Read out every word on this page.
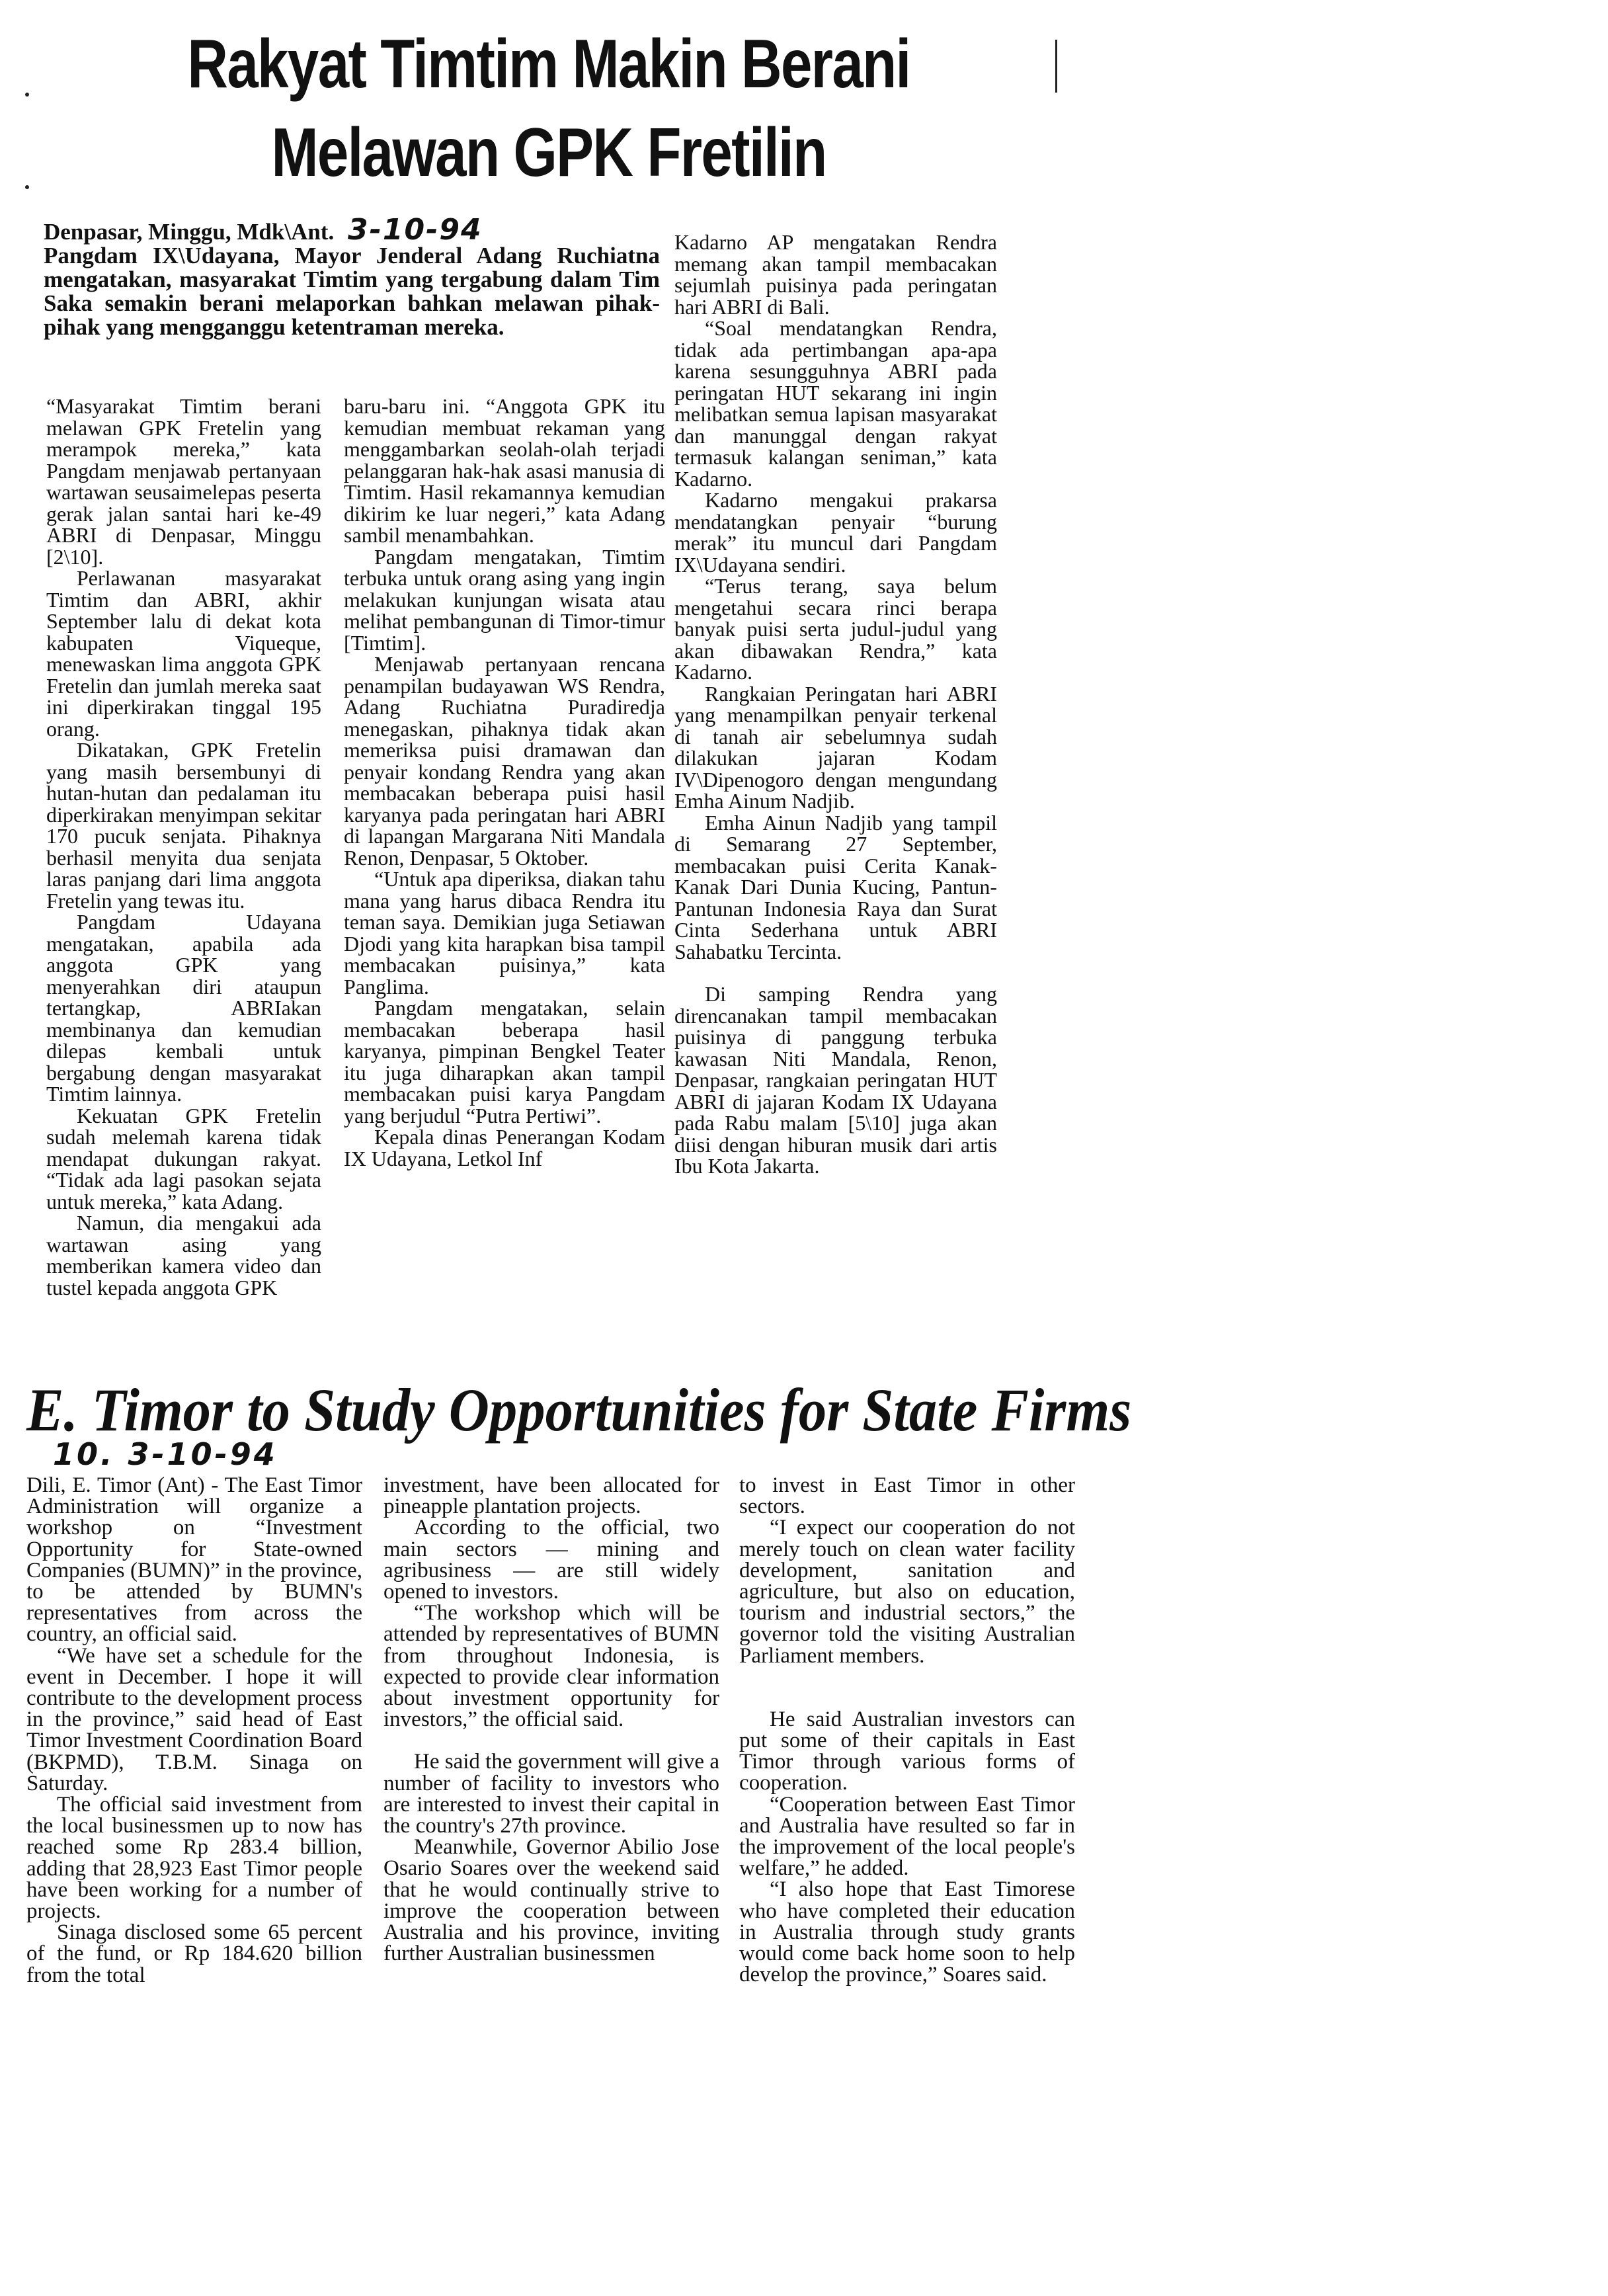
Rakyat Timtim Makin Berani
Melawan GPK Fretilin
Denpasar, Minggu, Mdk\Ant. 3-10-94
Pangdam IX\Udayana, Mayor Jenderal Adang Ruchiatna mengatakan, masyarakat Timtim yang tergabung dalam Tim Saka semakin berani melaporkan bahkan melawan pihak-pihak yang mengganggu ketentraman mereka.

“Masyarakat Timtim berani melawan GPK Fretelin yang merampok mereka,” kata Pangdam menjawab pertanyaan wartawan seusaimelepas peserta gerak jalan santai hari ke-49 ABRI di Denpasar, Minggu [2\10].

Perlawanan masyarakat Timtim dan ABRI, akhir September lalu di dekat kota kabupaten Viqueque, menewaskan lima anggota GPK Fretelin dan jumlah mereka saat ini diperkirakan tinggal 195 orang.

Dikatakan, GPK Fretelin yang masih bersembunyi di hutan-hutan dan pedalaman itu diperkirakan menyimpan sekitar 170 pucuk senjata. Pihaknya berhasil menyita dua senjata laras panjang dari lima anggota Fretelin yang tewas itu.

Pangdam Udayana mengatakan, apabila ada anggota GPK yang menyerahkan diri ataupun tertangkap, ABRIakan membinanya dan kemudian dilepas kembali untuk bergabung dengan masyarakat Timtim lainnya.

Kekuatan GPK Fretelin sudah melemah karena tidak mendapat dukungan rakyat. “Tidak ada lagi pasokan sejata untuk mereka,” kata Adang.

Namun, dia mengakui ada wartawan asing yang memberikan kamera video dan tustel kepada anggota GPK

baru-baru ini. “Anggota GPK itu kemudian membuat rekaman yang menggambarkan seolah-olah terjadi pelanggaran hak-hak asasi manusia di Timtim. Hasil rekamannya kemudian dikirim ke luar negeri,” kata Adang sambil menambahkan.

Pangdam mengatakan, Timtim terbuka untuk orang asing yang ingin melakukan kunjungan wisata atau melihat pembangunan di Timor-timur [Timtim].

Menjawab pertanyaan rencana penampilan budayawan WS Rendra, Adang Ruchiatna Puradiredja menegaskan, pihaknya tidak akan memeriksa puisi dramawan dan penyair kondang Rendra yang akan membacakan beberapa puisi hasil karyanya pada peringatan hari ABRI di lapangan Margarana Niti Mandala Renon, Denpasar, 5 Oktober.

“Untuk apa diperiksa, diakan tahu mana yang harus dibaca Rendra itu teman saya. Demikian juga Setiawan Djodi yang kita harapkan bisa tampil membacakan puisinya,” kata Panglima.

Pangdam mengatakan, selain membacakan beberapa hasil karyanya, pimpinan Bengkel Teater itu juga diharapkan akan tampil membacakan puisi karya Pangdam yang berjudul “Putra Pertiwi”.

Kepala dinas Penerangan Kodam IX Udayana, Letkol Inf

Kadarno AP mengatakan Rendra memang akan tampil membacakan sejumlah puisinya pada peringatan hari ABRI di Bali.

“Soal mendatangkan Rendra, tidak ada pertimbangan apa-apa karena sesungguhnya ABRI pada peringatan HUT sekarang ini ingin melibatkan semua lapisan masyarakat dan manunggal dengan rakyat termasuk kalangan seniman,” kata Kadarno.

Kadarno mengakui prakarsa mendatangkan penyair “burung merak” itu muncul dari Pangdam IX\Udayana sendiri.

“Terus terang, saya belum mengetahui secara rinci berapa banyak puisi serta judul-judul yang akan dibawakan Rendra,” kata Kadarno.

Rangkaian Peringatan hari ABRI yang menampilkan penyair terkenal di tanah air sebelumnya sudah dilakukan jajaran Kodam IV\Dipenogoro dengan mengundang Emha Ainum Nadjib.

Emha Ainun Nadjib yang tampil di Semarang 27 September, membacakan puisi Cerita Kanak-Kanak Dari Dunia Kucing, Pantun-Pantunan Indonesia Raya dan Surat Cinta Sederhana untuk ABRI Sahabatku Tercinta.

Di samping Rendra yang direncanakan tampil membacakan puisinya di panggung terbuka kawasan Niti Mandala, Renon, Denpasar, rangkaian peringatan HUT ABRI di jajaran Kodam IX Udayana pada Rabu malam [5\10] juga akan diisi dengan hiburan musik dari artis Ibu Kota Jakarta.

E. Timor to Study Opportunities for State Firms
10. 3-10-94

Dili, E. Timor (Ant) - The East Timor Administration will organize a workshop on “Investment Opportunity for State-owned Companies (BUMN)” in the province, to be attended by BUMN's representatives from across the country, an official said.

“We have set a schedule for the event in December. I hope it will contribute to the development process in the province,” said head of East Timor Investment Coordination Board (BKPMD), T.B.M. Sinaga on Saturday.

The official said investment from the local businessmen up to now has reached some Rp 283.4 billion, adding that 28,923 East Timor people have been working for a number of projects.

Sinaga disclosed some 65 percent of the fund, or Rp 184.620 billion from the total

investment, have been allocated for pineapple plantation projects.

According to the official, two main sectors — mining and agribusiness — are still widely opened to investors.

“The workshop which will be attended by representatives of BUMN from throughout Indonesia, is expected to provide clear information about investment opportunity for investors,” the official said.

He said the government will give a number of facility to investors who are interested to invest their capital in the country's 27th province.

Meanwhile, Governor Abilio Jose Osario Soares over the weekend said that he would continually strive to improve the cooperation between Australia and his province, inviting further Australian businessmen

to invest in East Timor in other sectors.

“I expect our cooperation do not merely touch on clean water facility development, sanitation and agriculture, but also on education, tourism and industrial sectors,” the governor told the visiting Australian Parliament members.

He said Australian investors can put some of their capitals in East Timor through various forms of cooperation.

“Cooperation between East Timor and Australia have resulted so far in the improvement of the local people's welfare,” he added.

“I also hope that East Timorese who have completed their education in Australia through study grants would come back home soon to help develop the province,” Soares said.
